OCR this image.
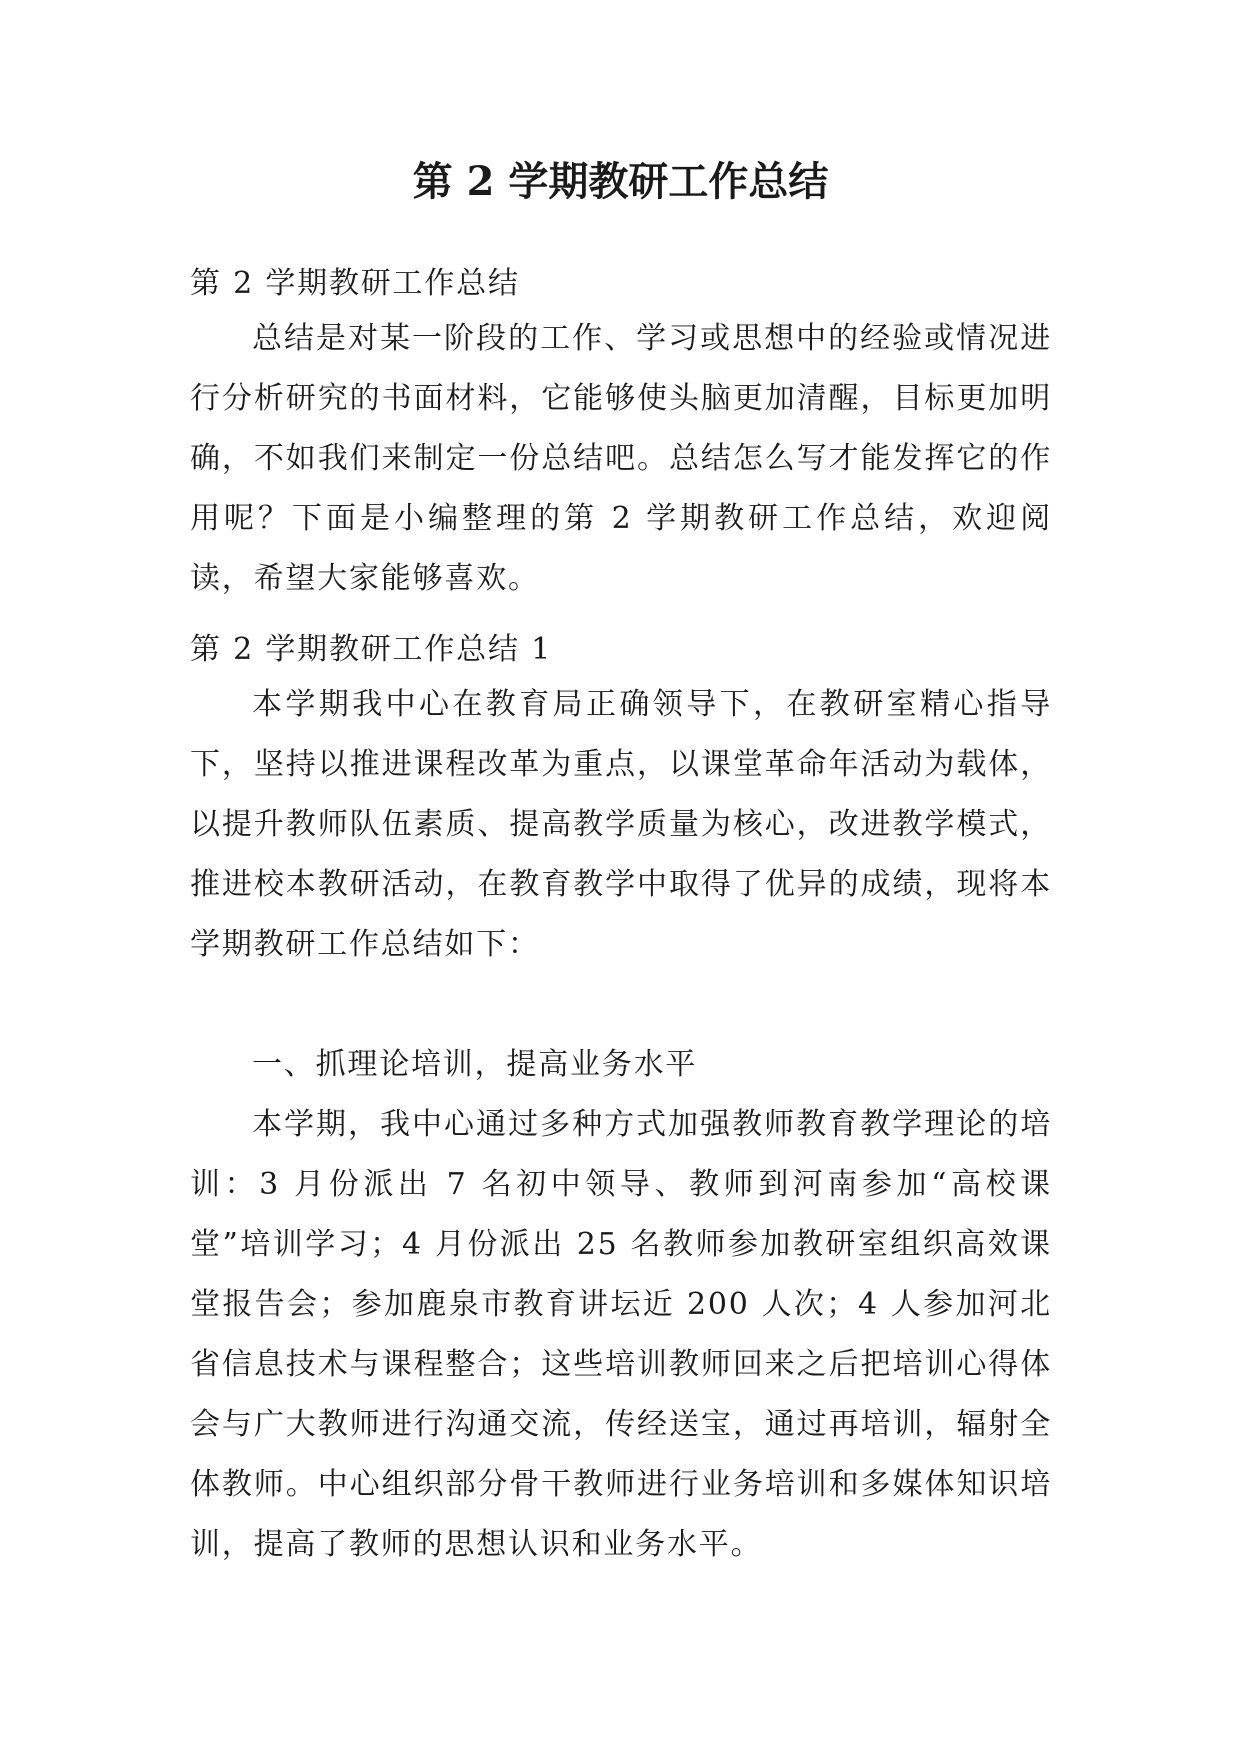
第 2 学期教研工作总结

第 2 学期教研工作总结

总结是对某一阶段的工作、学习或思想中的经验或情况进行分析研究的书面材料，它能够使头脑更加清醒，目标更加明确，不如我们来制定一份总结吧。总结怎么写才能发挥它的作用呢？下面是小编整理的第 2 学期教研工作总结，欢迎阅读，希望大家能够喜欢。

第 2 学期教研工作总结 1

本学期我中心在教育局正确领导下，在教研室精心指导下，坚持以推进课程改革为重点，以课堂革命年活动为载体，以提升教师队伍素质、提高教学质量为核心，改进教学模式，推进校本教研活动，在教育教学中取得了优异的成绩，现将本学期教研工作总结如下：

一、抓理论培训，提高业务水平

本学期，我中心通过多种方式加强教师教育教学理论的培训：3 月份派出 7 名初中领导、教师到河南参加“高校课堂”培训学习；4 月份派出 25 名教师参加教研室组织高效课堂报告会；参加鹿泉市教育讲坛近 200 人次；4 人参加河北省信息技术与课程整合；这些培训教师回来之后把培训心得体会与广大教师进行沟通交流，传经送宝，通过再培训，辐射全体教师。中心组织部分骨干教师进行业务培训和多媒体知识培训，提高了教师的思想认识和业务水平。
